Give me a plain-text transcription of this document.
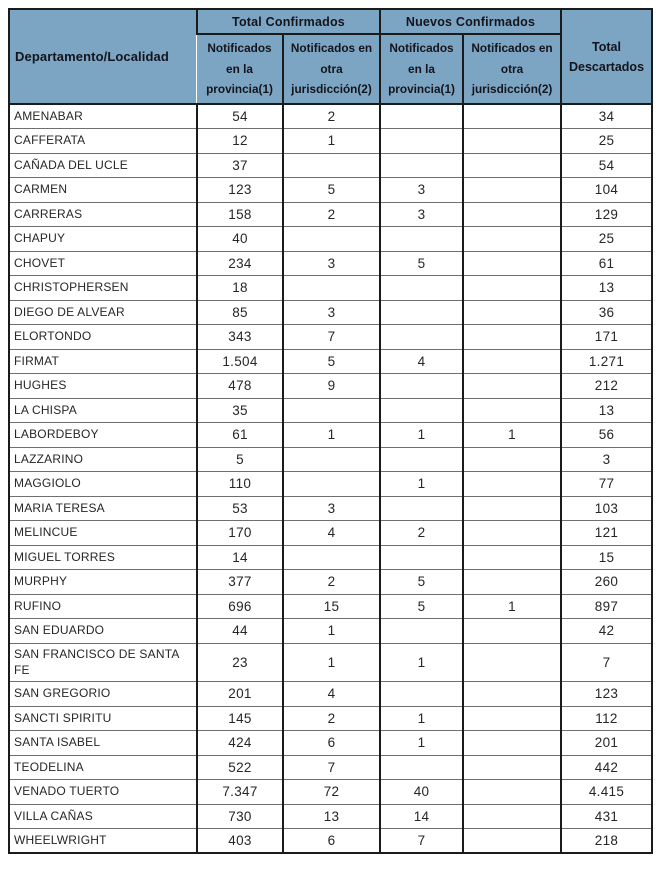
Departamento/Localidad	Total Confirmados		Nuevos Confirmados		Total Descartados
	Notificados en la provincia(1)	Notificados en otra jurisdicción(2)	Notificados en la provincia(1)	Notificados en otra jurisdicción(2)	
AMENABAR	54	2			34
CAFFERATA	12	1			25
CAÑADA DEL UCLE	37				54
CARMEN	123	5	3		104
CARRERAS	158	2	3		129
CHAPUY	40				25
CHOVET	234	3	5		61
CHRISTOPHERSEN	18				13
DIEGO DE ALVEAR	85	3			36
ELORTONDO	343	7			171
FIRMAT	1.504	5	4		1.271
HUGHES	478	9			212
LA CHISPA	35				13
LABORDEBOY	61	1	1	1	56
LAZZARINO	5				3
MAGGIOLO	110		1		77
MARIA TERESA	53	3			103
MELINCUE	170	4	2		121
MIGUEL TORRES	14				15
MURPHY	377	2	5		260
RUFINO	696	15	5	1	897
SAN EDUARDO	44	1			42
SAN FRANCISCO DE SANTA FE	23	1	1		7
SAN GREGORIO	201	4			123
SANCTI SPIRITU	145	2	1		112
SANTA ISABEL	424	6	1		201
TEODELINA	522	7			442
VENADO TUERTO	7.347	72	40		4.415
VILLA CAÑAS	730	13	14		431
WHEELWRIGHT	403	6	7		218
